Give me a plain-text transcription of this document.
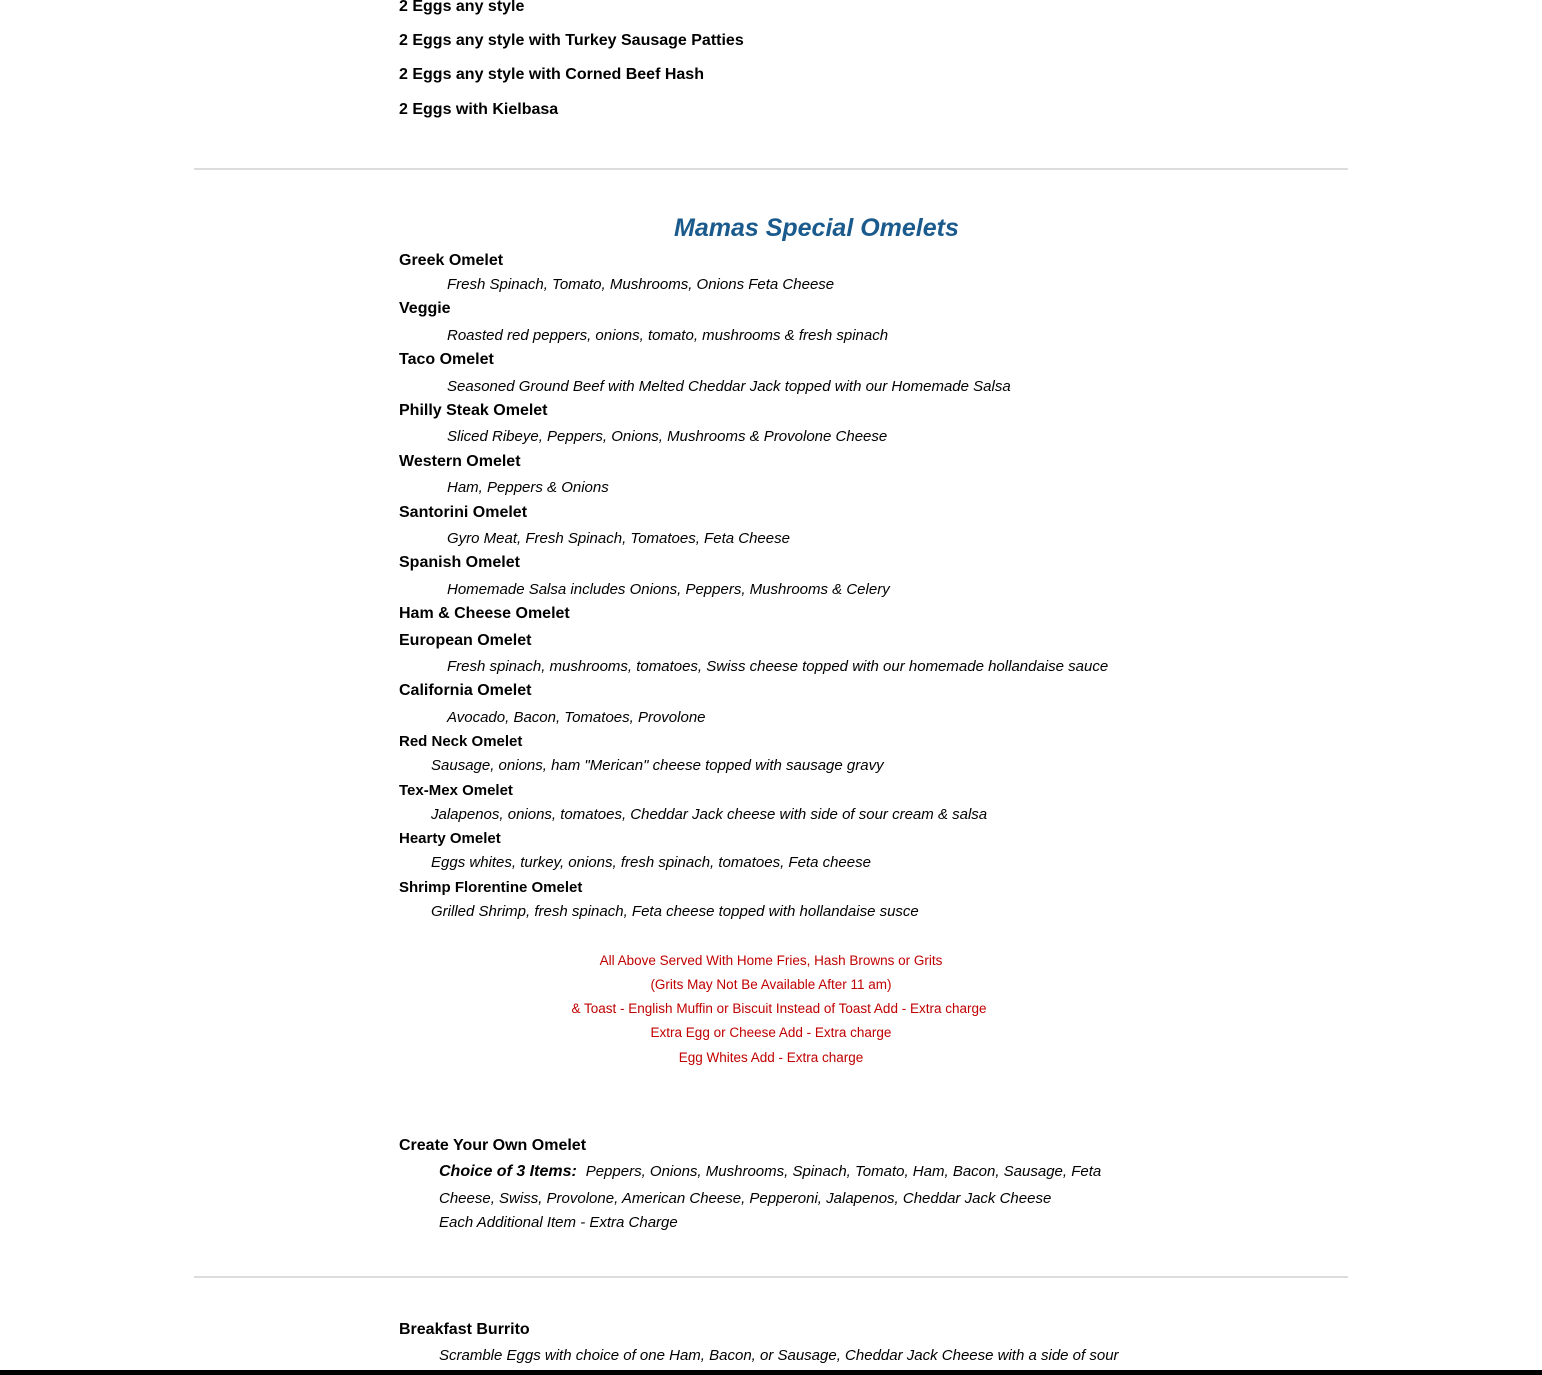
2 Eggs any style
2 Eggs any style with Turkey Sausage Patties
2 Eggs any style with Corned Beef Hash
2 Eggs with Kielbasa
Mamas Special Omelets
Greek Omelet
Fresh Spinach, Tomato, Mushrooms, Onions Feta Cheese
Veggie
Roasted red peppers, onions, tomato, mushrooms & fresh spinach
Taco Omelet
Seasoned Ground Beef with Melted Cheddar Jack topped with our Homemade Salsa
Philly Steak Omelet
Sliced Ribeye, Peppers, Onions, Mushrooms & Provolone Cheese
Western Omelet
Ham, Peppers & Onions
Santorini Omelet
Gyro Meat, Fresh Spinach, Tomatoes, Feta Cheese
Spanish Omelet
Homemade Salsa includes Onions, Peppers, Mushrooms & Celery
Ham & Cheese Omelet
European Omelet
Fresh spinach, mushrooms, tomatoes, Swiss cheese topped with our homemade hollandaise sauce
California Omelet
Avocado, Bacon, Tomatoes, Provolone
Red Neck Omelet
Sausage, onions, ham "Merican" cheese topped with sausage gravy
Tex-Mex Omelet
Jalapenos, onions, tomatoes, Cheddar Jack cheese with side of sour cream & salsa
Hearty Omelet
Eggs whites, turkey, onions, fresh spinach, tomatoes, Feta cheese
Shrimp Florentine Omelet
Grilled Shrimp, fresh spinach, Feta cheese topped with hollandaise susce
All Above Served With Home Fries, Hash Browns or Grits
(Grits May Not Be Available After 11 am)
& Toast - English Muffin or Biscuit Instead of Toast Add - Extra charge
Extra Egg or Cheese Add - Extra charge
Egg Whites Add - Extra charge
Create Your Own Omelet
Choice of 3 Items: Peppers, Onions, Mushrooms, Spinach, Tomato, Ham, Bacon, Sausage, Feta
Cheese, Swiss, Provolone, American Cheese, Pepperoni, Jalapenos, Cheddar Jack Cheese
Each Additional Item - Extra Charge
Breakfast Burrito
Scramble Eggs with choice of one Ham, Bacon, or Sausage, Cheddar Jack Cheese with a side of sour
